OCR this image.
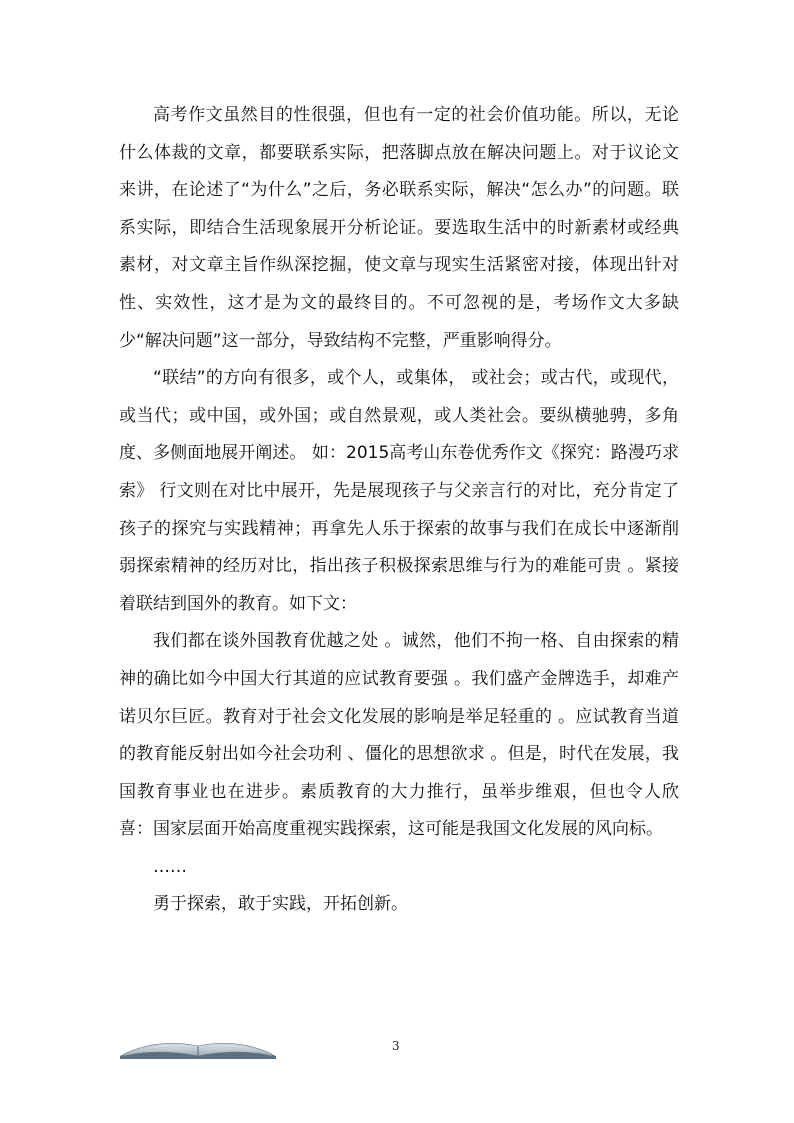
高考作文虽然目的性很强，但也有一定的社会价值功能。所以，无论什么体裁的文章，都要联系实际，把落脚点放在解决问题上。对于议论文来讲，在论述了“为什么”之后，务必联系实际，解决“怎么办”的问题。联系实际，即结合生活现象展开分析论证。要选取生活中的时新素材或经典素材，对文章主旨作纵深挖掘，使文章与现实生活紧密对接，体现出针对性、实效性，这才是为文的最终目的。不可忽视的是，考场作文大多缺少“解决问题”这一部分，导致结构不完整，严重影响得分。

“联结”的方向有很多，或个人，或集体， 或社会；或古代，或现代，或当代；或中国，或外国；或自然景观，或人类社会。要纵横驰骋，多角度、多侧面地展开阐述。 如：2015高考山东卷优秀作文《探究：路漫巧求索》 行文则在对比中展开，先是展现孩子与父亲言行的对比，充分肯定了孩子的探究与实践精神；再拿先人乐于探索的故事与我们在成长中逐渐削弱探索精神的经历对比，指出孩子积极探索思维与行为的难能可贵 。紧接着联结到国外的教育。如下文：

我们都在谈外国教育优越之处 。诚然，他们不拘一格、自由探索的精神的确比如今中国大行其道的应试教育要强 。我们盛产金牌选手，却难产诺贝尔巨匠。教育对于社会文化发展的影响是举足轻重的 。应试教育当道的教育能反射出如今社会功利 、僵化的思想欲求 。但是，时代在发展，我国教育事业也在进步。素质教育的大力推行，虽举步维艰，但也令人欣喜：国家层面开始高度重视实践探索，这可能是我国文化发展的风向标。

……

勇于探索，敢于实践，开拓创新。

3
